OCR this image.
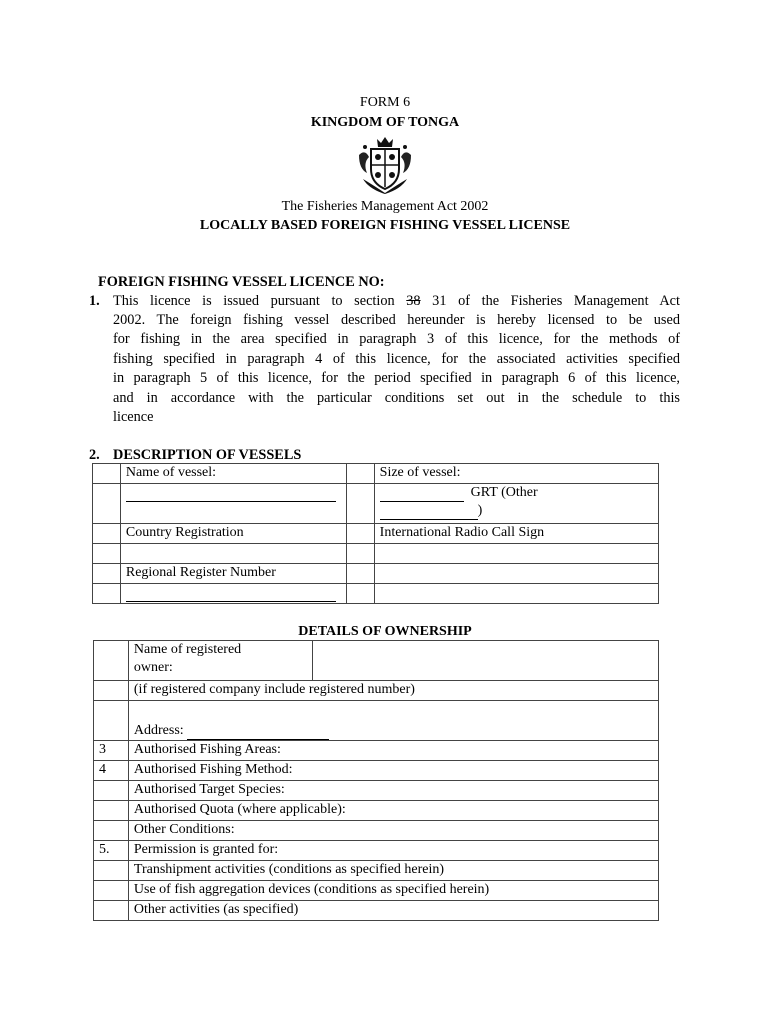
FORM 6
KINGDOM OF TONGA
The Fisheries Management Act 2002
LOCALLY BASED FOREIGN FISHING VESSEL LICENSE
FOREIGN FISHING VESSEL LICENCE NO:
1. This licence is issued pursuant to section 38 31 of the Fisheries Management Act
2002. The foreign fishing vessel described hereunder is hereby licensed to be used
for fishing in the area specified in paragraph 3 of this licence, for the methods of
fishing specified in paragraph 4 of this licence, for the associated activities specified
in paragraph 5 of this licence, for the period specified in paragraph 6 of this licence,
and in accordance with the particular conditions set out in the schedule to this
licence
2. DESCRIPTION OF VESSELS
	Name of vessel:		Size of vessel:

			GRT (Other
)

	Country Registration		International Radio Call Sign

	Regional Register Number		

DETAILS OF OWNERSHIP

	Name of registered
owner:	

	(if registered company include registered number)	
	Address:	
3	Authorised Fishing Areas:	
4	Authorised Fishing Method:	
	Authorised Target Species:	
	Authorised Quota (where applicable):	
	Other Conditions:	
5.	Permission is granted for:	
	Transhipment activities (conditions as specified herein)	
	Use of fish aggregation devices (conditions as specified herein)	
	Other activities (as specified)	
